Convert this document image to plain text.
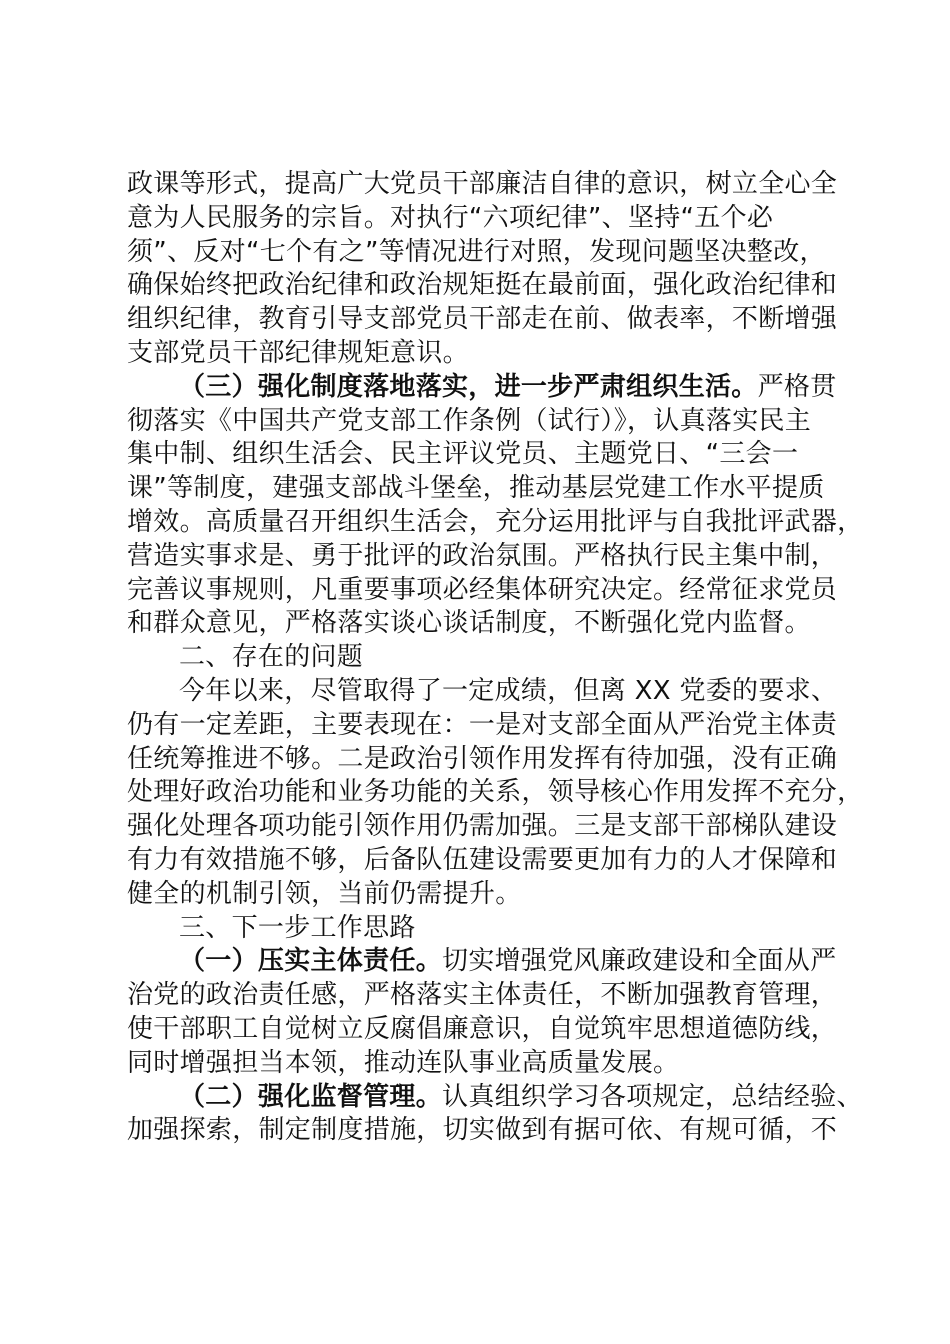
政课等形式，提高广大党员干部廉洁自律的意识，树立全心全
意为人民服务的宗旨。对执行“六项纪律”、坚持“五个必
须”、反对“七个有之”等情况进行对照，发现问题坚决整改，
确保始终把政治纪律和政治规矩挺在最前面，强化政治纪律和
组织纪律，教育引导支部党员干部走在前、做表率，不断增强
支部党员干部纪律规矩意识。
（三）强化制度落地落实，进一步严肃组织生活。严格贯
彻落实《中国共产党支部工作条例（试行）》，认真落实民主
集中制、组织生活会、民主评议党员、主题党日、“三会一
课”等制度，建强支部战斗堡垒，推动基层党建工作水平提质
增效。高质量召开组织生活会，充分运用批评与自我批评武器，
营造实事求是、勇于批评的政治氛围。严格执行民主集中制，
完善议事规则，凡重要事项必经集体研究决定。经常征求党员
和群众意见，严格落实谈心谈话制度，不断强化党内监督。
二、存在的问题
今年以来，尽管取得了一定成绩，但离 XX 党委的要求、
仍有一定差距，主要表现在：一是对支部全面从严治党主体责
任统筹推进不够。二是政治引领作用发挥有待加强，没有正确
处理好政治功能和业务功能的关系，领导核心作用发挥不充分，
强化处理各项功能引领作用仍需加强。三是支部干部梯队建设
有力有效措施不够，后备队伍建设需要更加有力的人才保障和
健全的机制引领，当前仍需提升。
三、下一步工作思路
（一）压实主体责任。切实增强党风廉政建设和全面从严
治党的政治责任感，严格落实主体责任，不断加强教育管理，
使干部职工自觉树立反腐倡廉意识，自觉筑牢思想道德防线，
同时增强担当本领，推动连队事业高质量发展。
（二）强化监督管理。认真组织学习各项规定，总结经验、
加强探索，制定制度措施，切实做到有据可依、有规可循，不
